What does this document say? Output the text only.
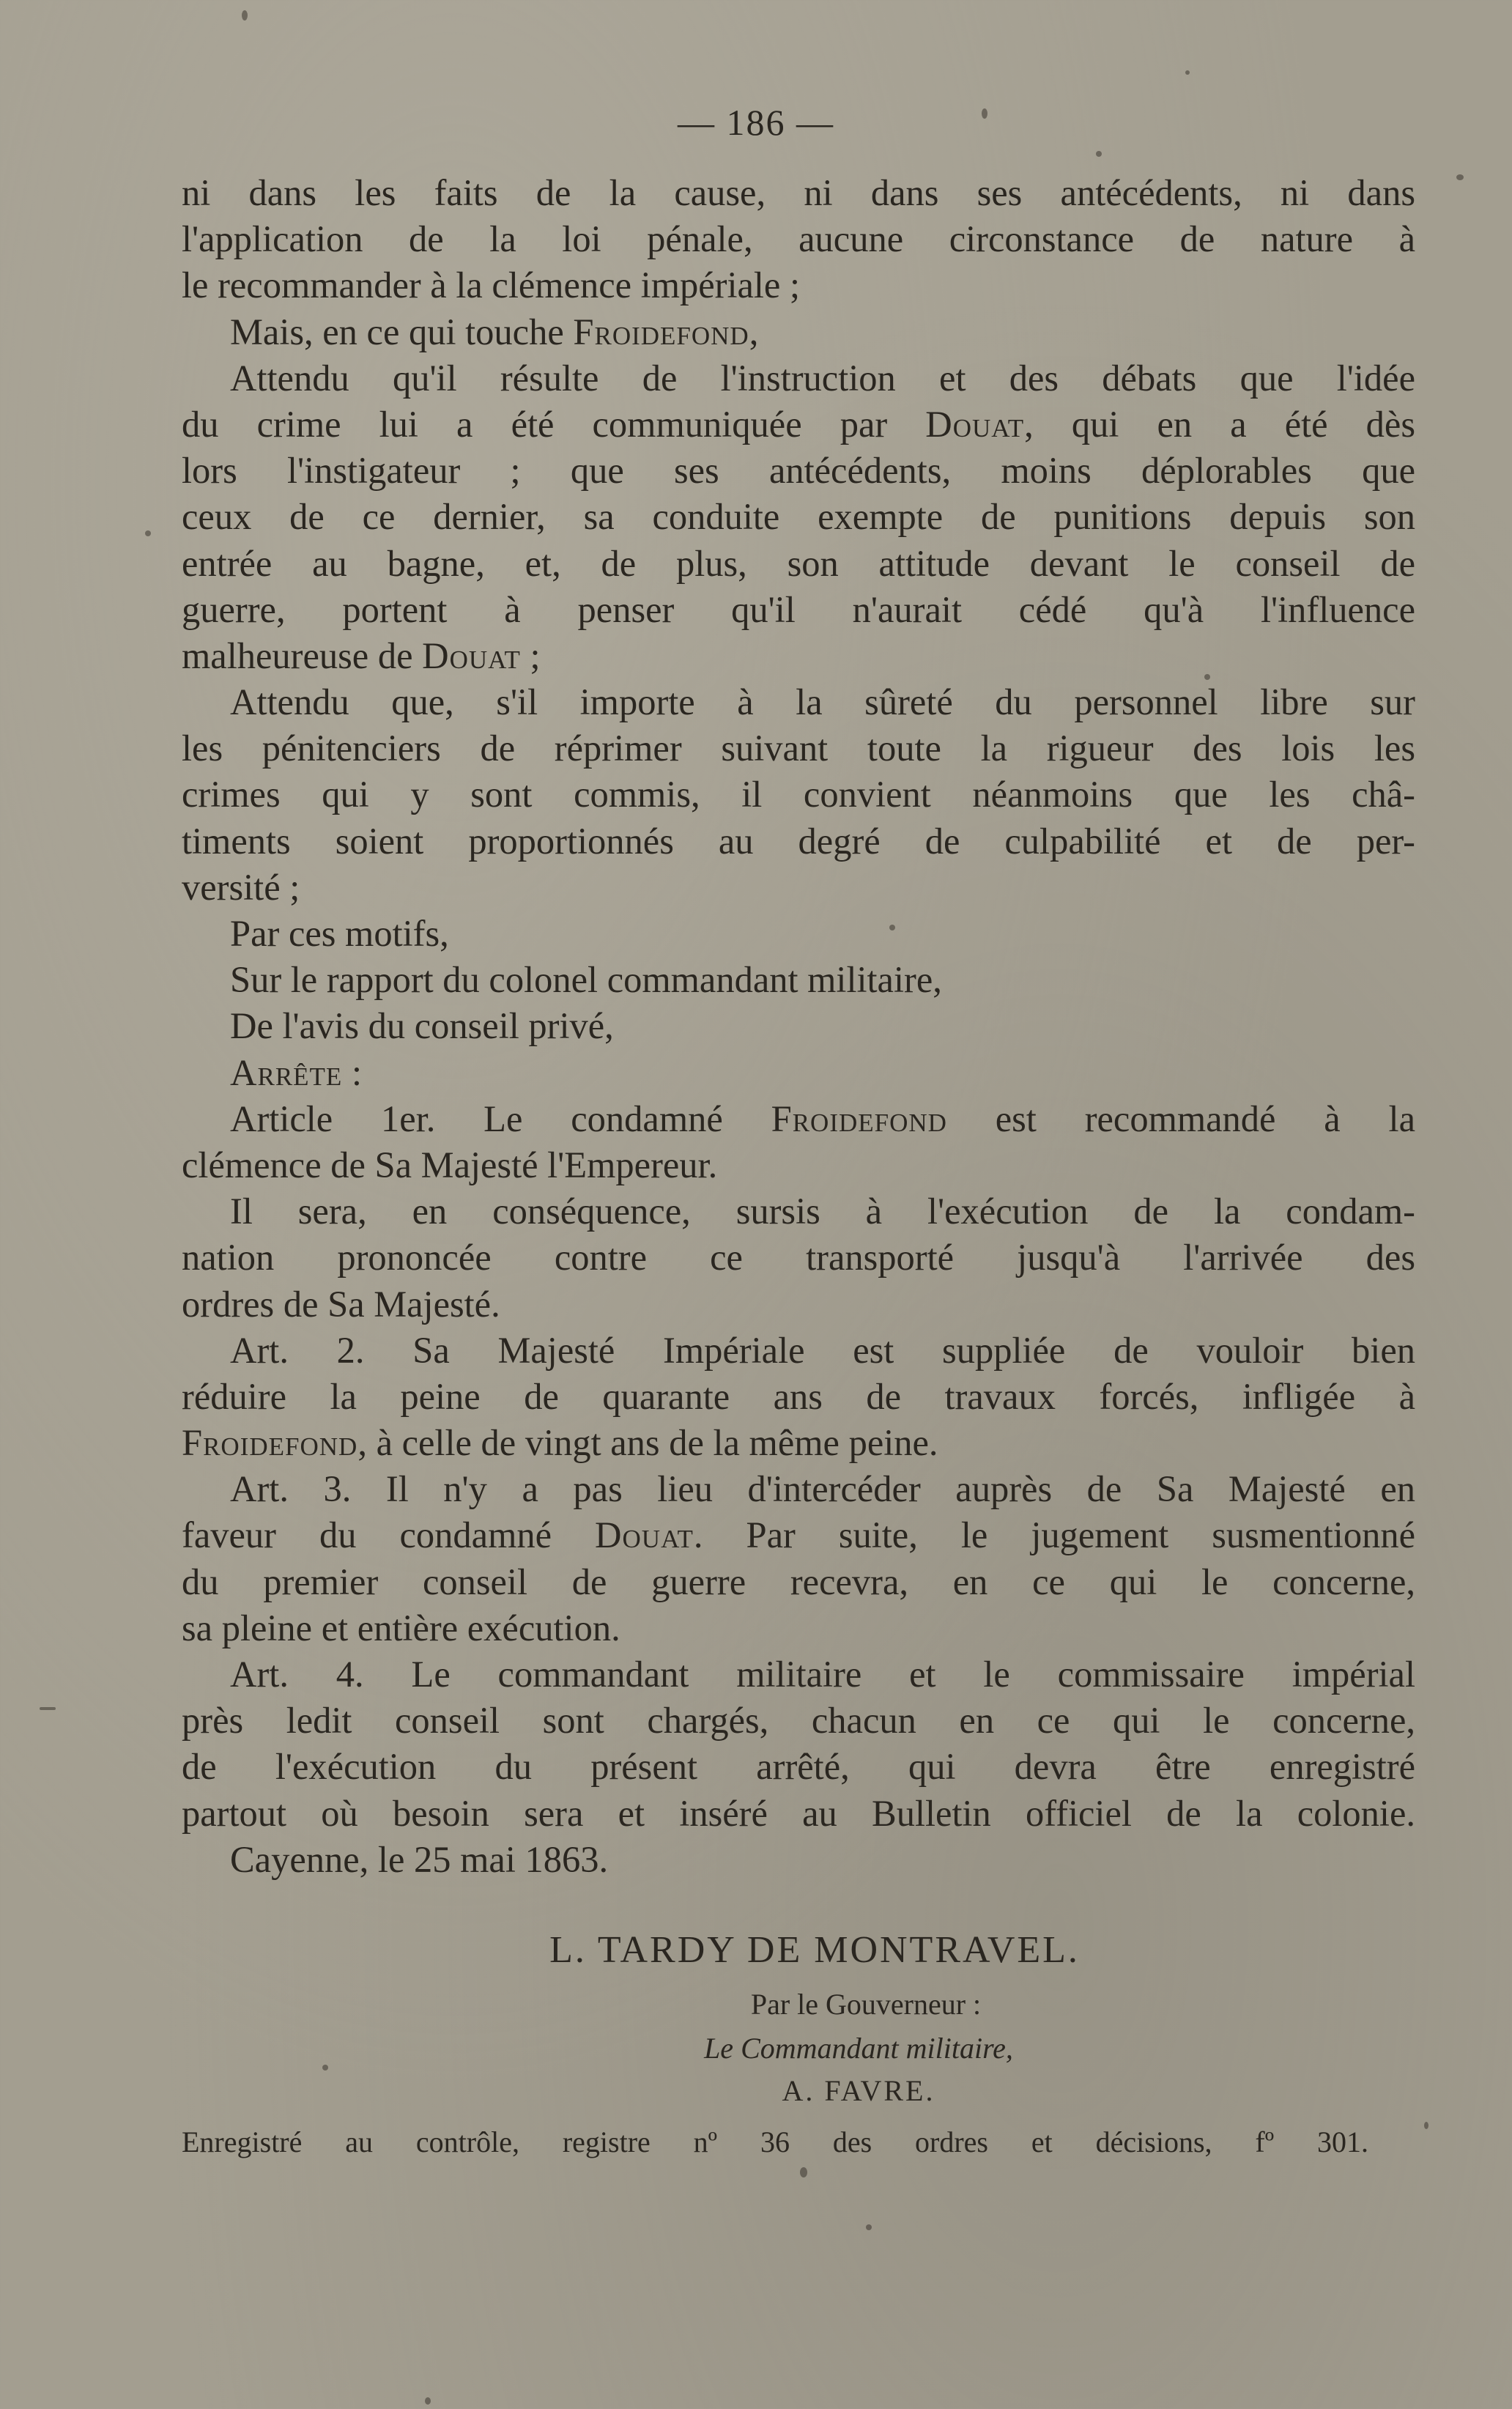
— 186 —
ni dans les faits de la cause, ni dans ses antécédents, ni dans
l'application de la loi pénale, aucune circonstance de nature à
le recommander à la clémence impériale ;
Mais, en ce qui touche Froidefond,
Attendu qu'il résulte de l'instruction et des débats que l'idée
du crime lui a été communiquée par Douat, qui en a été dès
lors l'instigateur ; que ses antécédents, moins déplorables que
ceux de ce dernier, sa conduite exempte de punitions depuis son
entrée au bagne, et, de plus, son attitude devant le conseil de
guerre, portent à penser qu'il n'aurait cédé qu'à l'influence
malheureuse de Douat ;
Attendu que, s'il importe à la sûreté du personnel libre sur
les pénitenciers de réprimer suivant toute la rigueur des lois les
crimes qui y sont commis, il convient néanmoins que les châ-
timents soient proportionnés au degré de culpabilité et de per-
versité ;
Par ces motifs,
Sur le rapport du colonel commandant militaire,
De l'avis du conseil privé,
Arrête :
Article 1er. Le condamné Froidefond est recommandé à la
clémence de Sa Majesté l'Empereur.
Il sera, en conséquence, sursis à l'exécution de la condam-
nation prononcée contre ce transporté jusqu'à l'arrivée des
ordres de Sa Majesté.
Art. 2. Sa Majesté Impériale est suppliée de vouloir bien
réduire la peine de quarante ans de travaux forcés, infligée à
Froidefond, à celle de vingt ans de la même peine.
Art. 3. Il n'y a pas lieu d'intercéder auprès de Sa Majesté en
faveur du condamné Douat. Par suite, le jugement susmentionné
du premier conseil de guerre recevra, en ce qui le concerne,
sa pleine et entière exécution.
Art. 4. Le commandant militaire et le commissaire impérial
près ledit conseil sont chargés, chacun en ce qui le concerne,
de l'exécution du présent arrêté, qui devra être enregistré
partout où besoin sera et inséré au Bulletin officiel de la colonie.
Cayenne, le 25 mai 1863.
L. TARDY DE MONTRAVEL.
Par le Gouverneur :
Le Commandant militaire,
A. FAVRE.
Enregistré au contrôle, registre nº 36 des ordres et décisions, fº 301.
